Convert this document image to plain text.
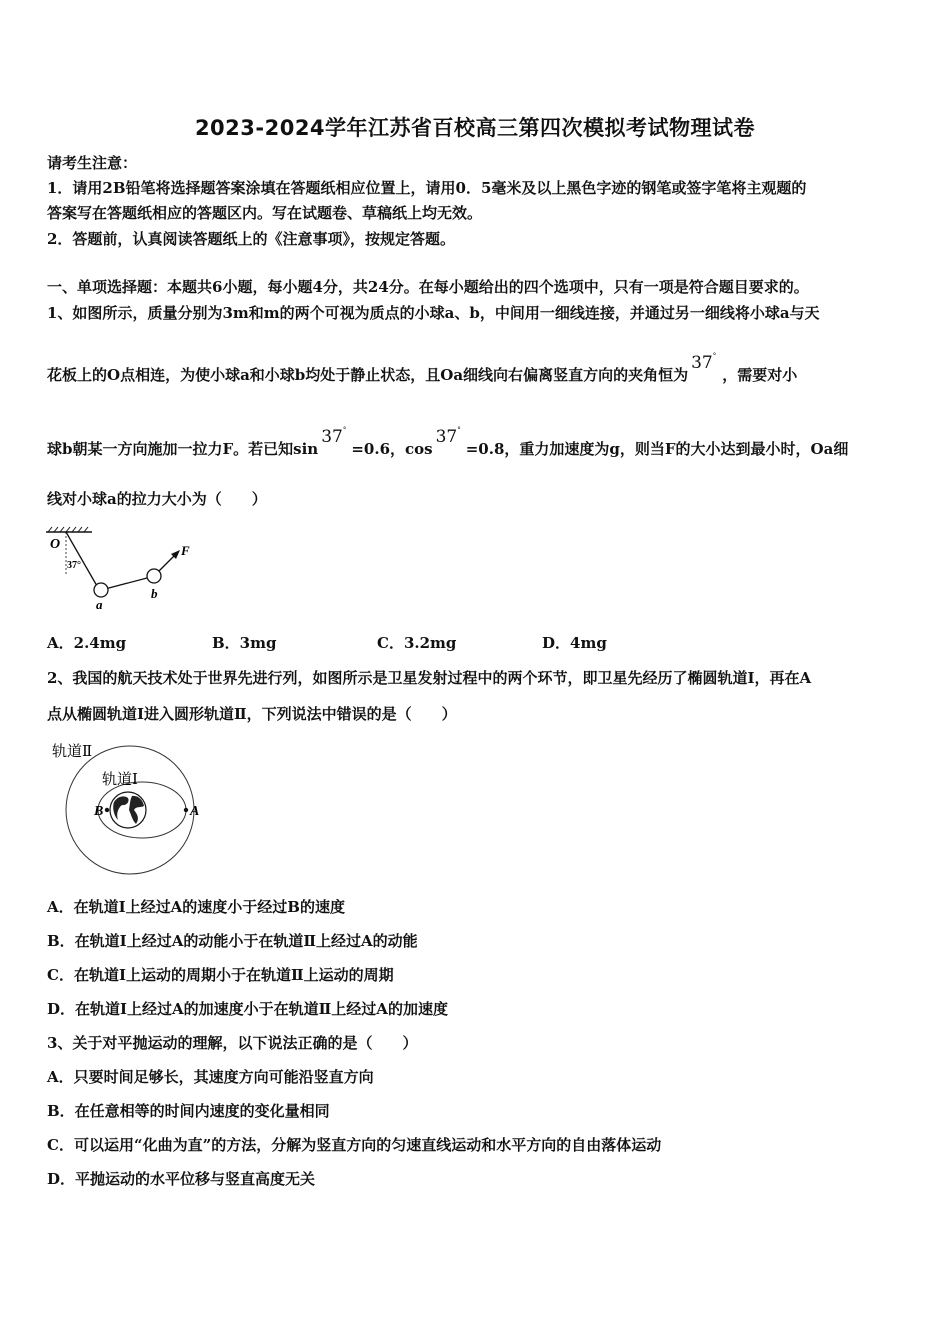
2023-2024学年江苏省百校高三第四次模拟考试物理试卷
请考生注意：
1．请用2B铅笔将选择题答案涂填在答题纸相应位置上，请用0．5毫米及以上黑色字迹的钢笔或签字笔将主观题的
答案写在答题纸相应的答题区内。写在试题卷、草稿纸上均无效。
2．答题前，认真阅读答题纸上的《注意事项》，按规定答题。
一、单项选择题：本题共6小题，每小题4分，共24分。在每小题给出的四个选项中，只有一项是符合题目要求的。
1、如图所示，质量分别为3m和m的两个可视为质点的小球a、b，中间用一细线连接，并通过另一细线将小球a与天
花板上的O点相连，为使小球a和小球b均处于静止状态，且Oa细线向右偏离竖直方向的夹角恒为37°，需要对小
球b朝某一方向施加一拉力F。若已知sin37°=0.6，cos37°=0.8，重力加速度为g，则当F的大小达到最小时，Oa细
线对小球a的拉力大小为（　　）
O
37°
a
b
F
A．2.4mg	B．3mg	C．3.2mg	D．4mg
2、我国的航天技术处于世界先进行列，如图所示是卫星发射过程中的两个环节，即卫星先经历了椭圆轨道I，再在A
点从椭圆轨道I进入圆形轨道Ⅱ，下列说法中错误的是（　　）
轨道Ⅱ
轨道Ⅰ
B	A
A．在轨道I上经过A的速度小于经过B的速度
B．在轨道I上经过A的动能小于在轨道Ⅱ上经过A的动能
C．在轨道I上运动的周期小于在轨道Ⅱ上运动的周期
D．在轨道I上经过A的加速度小于在轨道Ⅱ上经过A的加速度
3、关于对平抛运动的理解，以下说法正确的是（　　）
A．只要时间足够长，其速度方向可能沿竖直方向
B．在任意相等的时间内速度的变化量相同
C．可以运用“化曲为直”的方法，分解为竖直方向的匀速直线运动和水平方向的自由落体运动
D．平抛运动的水平位移与竖直高度无关
